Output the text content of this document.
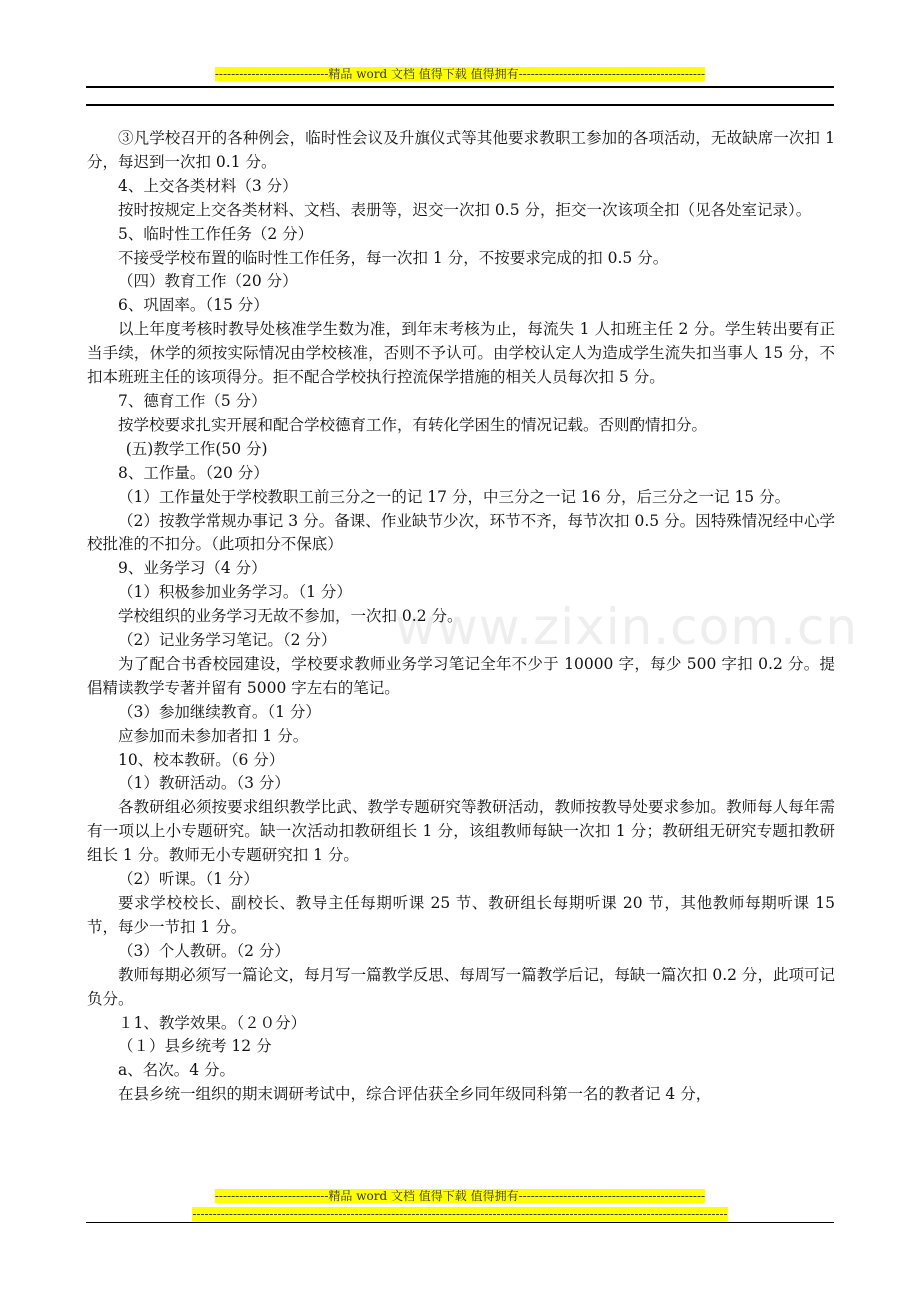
----------------------------精品 word 文档 值得下载 值得拥有----------------------------------------------
www.zixin.com.cn

③凡学校召开的各种例会，临时性会议及升旗仪式等其他要求教职工参加的各项活动，无故缺席一次扣 1 分，每迟到一次扣 0.1 分。

4、上交各类材料（3 分）

按时按规定上交各类材料、文档、表册等，迟交一次扣 0.5 分，拒交一次该项全扣（见各处室记录）。

5、临时性工作任务（2 分）

不接受学校布置的临时性工作任务，每一次扣 1 分，不按要求完成的扣 0.5 分。

（四）教育工作（20 分）

6、巩固率。（15 分）

以上年度考核时教导处核准学生数为准，到年末考核为止，每流失 1 人扣班主任 2 分。学生转出要有正当手续，休学的须按实际情况由学校核准，否则不予认可。由学校认定人为造成学生流失扣当事人 15 分，不扣本班班主任的该项得分。拒不配合学校执行控流保学措施的相关人员每次扣 5 分。

7、德育工作（5 分）

按学校要求扎实开展和配合学校德育工作，有转化学困生的情况记载。否则酌情扣分。

(五)教学工作(50 分)

8、工作量。（20 分）

（1）工作量处于学校教职工前三分之一的记 17 分，中三分之一记 16 分，后三分之一记 15 分。

（2）按教学常规办事记 3 分。备课、作业缺节少次，环节不齐，每节次扣 0.5 分。因特殊情况经中心学校批准的不扣分。（此项扣分不保底）

9、业务学习（4 分）

（1）积极参加业务学习。（1 分）

学校组织的业务学习无故不参加，一次扣 0.2 分。

（2）记业务学习笔记。（2 分）

为了配合书香校园建设，学校要求教师业务学习笔记全年不少于 10000 字，每少 500 字扣 0.2 分。提倡精读教学专著并留有 5000 字左右的笔记。

（3）参加继续教育。（1 分）

应参加而未参加者扣 1 分。

10、校本教研。（6 分）

（1）教研活动。（3 分）

各教研组必须按要求组织教学比武、教学专题研究等教研活动，教师按教导处要求参加。教师每人每年需有一项以上小专题研究。缺一次活动扣教研组长 1 分，该组教师每缺一次扣 1 分；教研组无研究专题扣教研组长 1 分。教师无小专题研究扣 1 分。

（2）听课。（1 分）

要求学校校长、副校长、教导主任每期听课 25 节、教研组长每期听课 20 节，其他教师每期听课 15 节，每少一节扣 1 分。

（3）个人教研。（2 分）

教师每期必须写一篇论文，每月写一篇教学反思、每周写一篇教学后记，每缺一篇次扣 0.2 分，此项可记负分。

１1、教学效果。（２０分）

（１）县乡统考 12 分

a、名次。4 分。

在县乡统一组织的期末调研考试中，综合评估获全乡同年级同科第一名的教者记 4 分，

----------------------------精品 word 文档 值得下载 值得拥有----------------------------------------------
------------------------------------------------------------------------------------------------------------------------------------
